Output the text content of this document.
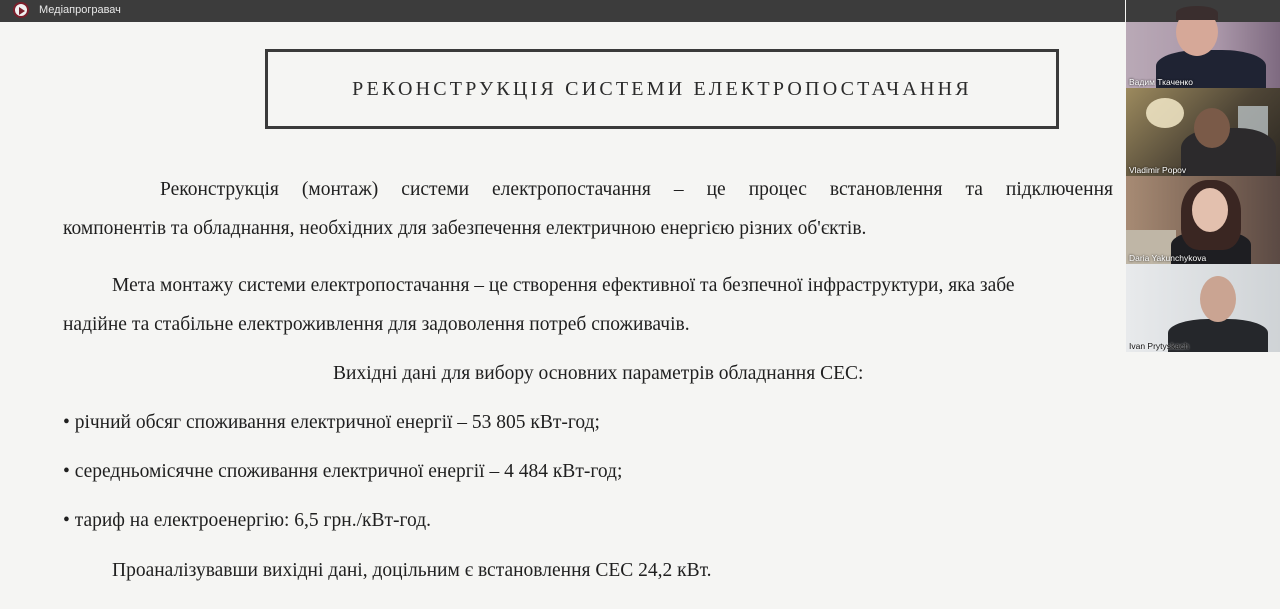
Медіапрогравач
РЕКОНСТРУКЦІЯ СИСТЕМИ ЕЛЕКТРОПОСТАЧАННЯ
Реконструкція (монтаж) системи електропостачання – це процес встановлення та підключення
компонентів та обладнання, необхідних для забезпечення електричною енергією різних об'єктів.
Мета монтажу системи електропостачання – це створення ефективної та безпечної інфраструктури, яка забе
надійне та стабільне електроживлення для задоволення потреб споживачів.
Вихідні дані для вибору основних параметрів обладнання СЕС:
• річний обсяг споживання електричної енергії – 53 805 кВт-год;
• середньомісячне споживання електричної енергії – 4 484 кВт-год;
• тариф на електроенергію: 6,5 грн./кВт-год.
Проаналізувавши вихідні дані, доцільним є встановлення СЕС 24,2 кВт.
Вадим Ткаченко
Vladimir Popov
Daria Yakunchykova
Ivan Prytyskach
